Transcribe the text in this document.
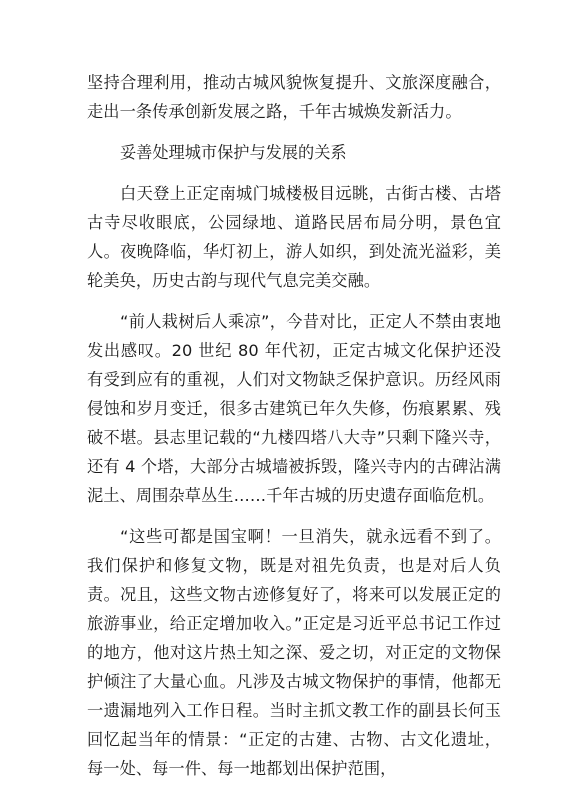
坚持合理利用，推动古城风貌恢复提升、文旅深度融合，走出一条传承创新发展之路，千年古城焕发新活力。

妥善处理城市保护与发展的关系

白天登上正定南城门城楼极目远眺，古街古楼、古塔古寺尽收眼底，公园绿地、道路民居布局分明，景色宜人。夜晚降临，华灯初上，游人如织，到处流光溢彩，美轮美奂，历史古韵与现代气息完美交融。

“前人栽树后人乘凉”，今昔对比，正定人不禁由衷地发出感叹。20 世纪 80 年代初，正定古城文化保护还没有受到应有的重视，人们对文物缺乏保护意识。历经风雨侵蚀和岁月变迁，很多古建筑已年久失修，伤痕累累、残破不堪。县志里记载的“九楼四塔八大寺”只剩下隆兴寺，还有 4 个塔，大部分古城墙被拆毁，隆兴寺内的古碑沾满泥土、周围杂草丛生……千年古城的历史遗存面临危机。

“这些可都是国宝啊！一旦消失，就永远看不到了。我们保护和修复文物，既是对祖先负责，也是对后人负责。况且，这些文物古迹修复好了，将来可以发展正定的旅游事业，给正定增加收入。”正定是习近平总书记工作过的地方，他对这片热土知之深、爱之切，对正定的文物保护倾注了大量心血。凡涉及古城文物保护的事情，他都无一遗漏地列入工作日程。当时主抓文教工作的副县长何玉回忆起当年的情景：“正定的古建、古物、古文化遗址，每一处、每一件、每一地都划出保护范围，
